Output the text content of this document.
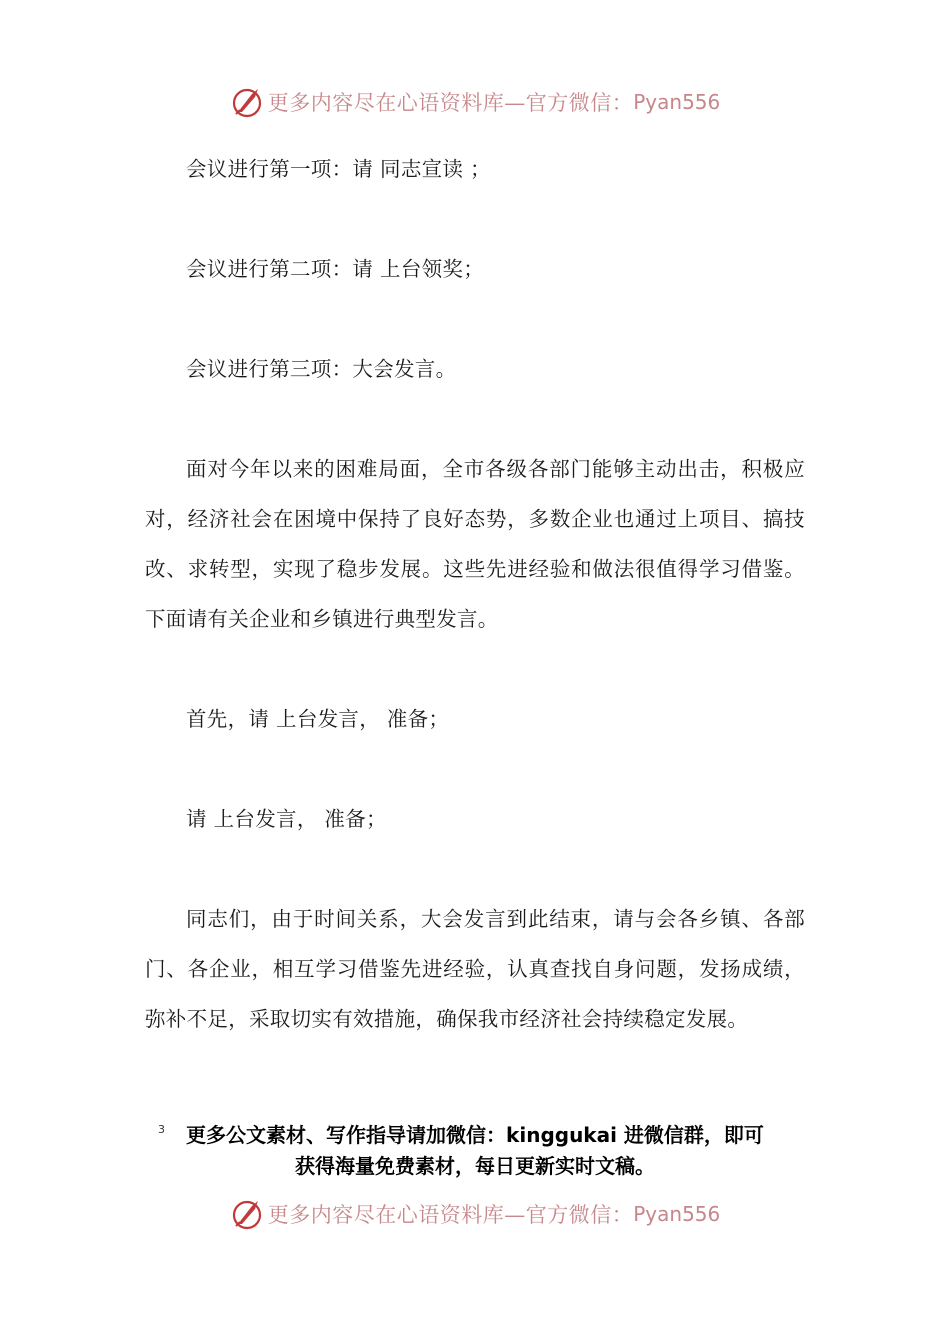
更多内容尽在心语资料库—官方微信： Pyan556

会议进行第一项：请 同志宣读 ；

会议进行第二项：请 上台领奖；

会议进行第三项：大会发言。

面对今年以来的困难局面，全市各级各部门能够主动出击，积极应对，经济社会在困境中保持了良好态势，多数企业也通过上项目、搞技改、求转型，实现了稳步发展。这些先进经验和做法很值得学习借鉴。下面请有关企业和乡镇进行典型发言。

首先，请 上台发言， 准备；

请 上台发言， 准备；

同志们，由于时间关系，大会发言到此结束，请与会各乡镇、各部门、各企业，相互学习借鉴先进经验，认真查找自身问题，发扬成绩，弥补不足，采取切实有效措施，确保我市经济社会持续稳定发展。

3	更多公文素材、写作指导请加微信：kinggukai 进微信群，即可
获得海量免费素材，每日更新实时文稿。
更多内容尽在心语资料库—官方微信： Pyan556
